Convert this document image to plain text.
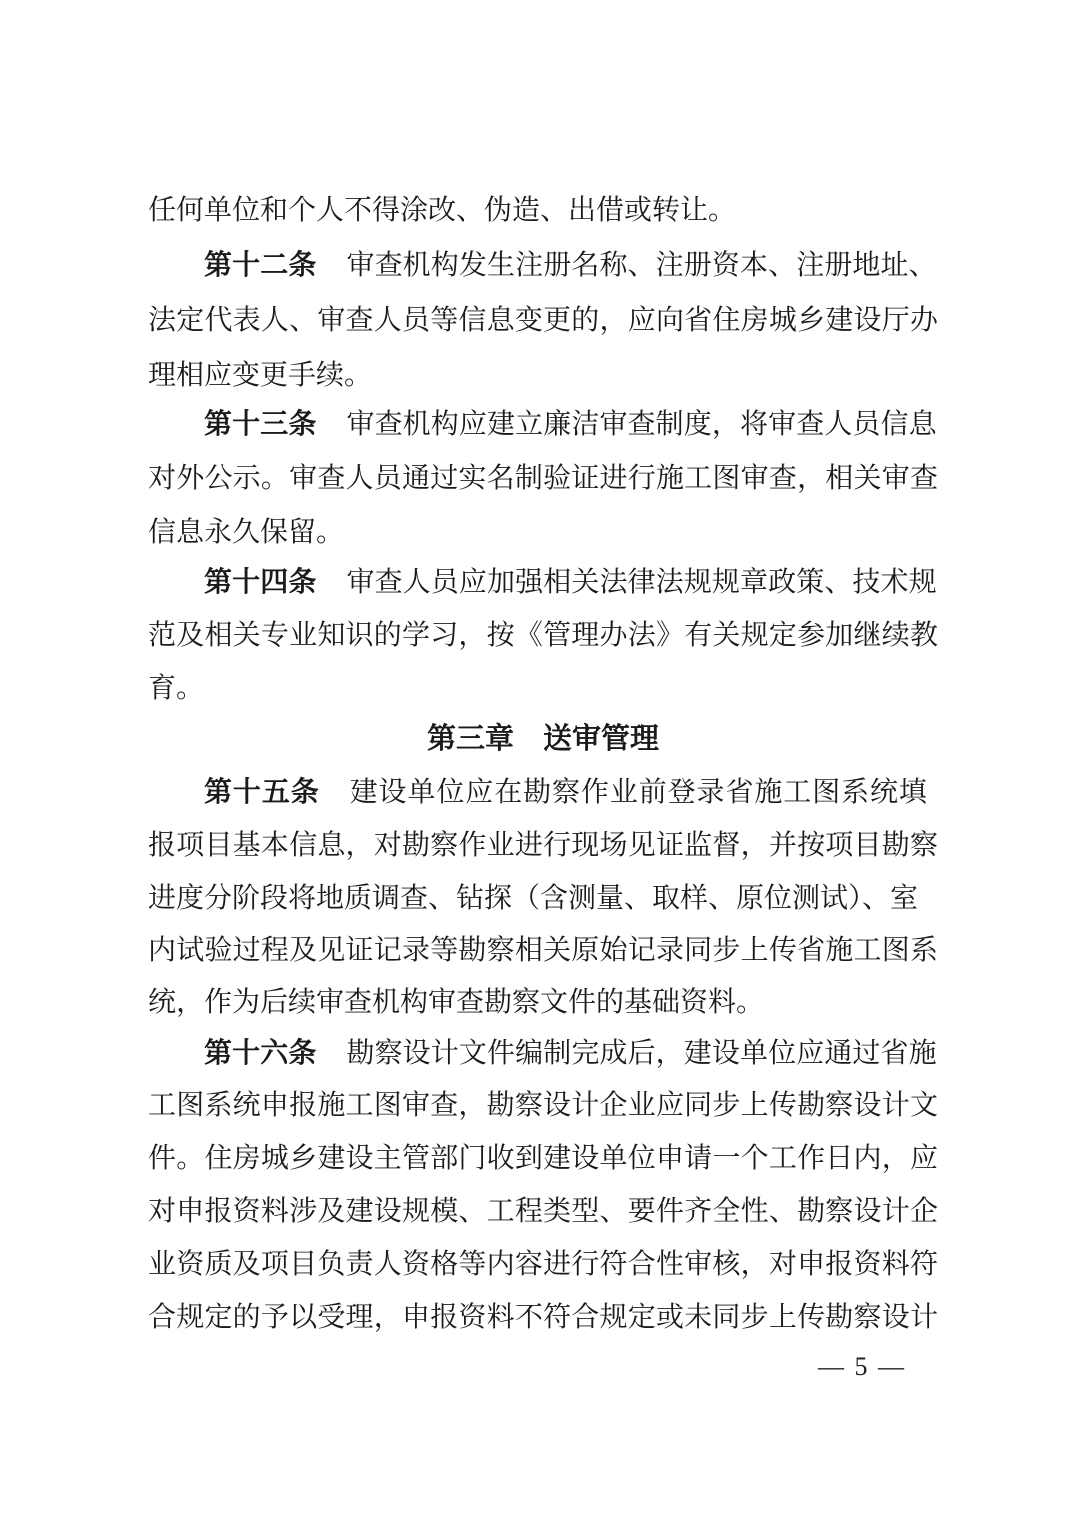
任何单位和个人不得涂改、伪造、出借或转让。
第十二条 审查机构发生注册名称、注册资本、注册地址、
法定代表人、审查人员等信息变更的，应向省住房城乡建设厅办
理相应变更手续。
第十三条 审查机构应建立廉洁审查制度，将审查人员信息
对外公示。审查人员通过实名制验证进行施工图审查，相关审查
信息永久保留。
第十四条 审查人员应加强相关法律法规规章政策、技术规
范及相关专业知识的学习，按《管理办法》有关规定参加继续教
育。
第三章　送审管理
第十五条 建设单位应在勘察作业前登录省施工图系统填
报项目基本信息，对勘察作业进行现场见证监督，并按项目勘察
进度分阶段将地质调查、钻探（含测量、取样、原位测试）、室
内试验过程及见证记录等勘察相关原始记录同步上传省施工图系
统，作为后续审查机构审查勘察文件的基础资料。
第十六条 勘察设计文件编制完成后，建设单位应通过省施
工图系统申报施工图审查，勘察设计企业应同步上传勘察设计文
件。住房城乡建设主管部门收到建设单位申请一个工作日内，应
对申报资料涉及建设规模、工程类型、要件齐全性、勘察设计企
业资质及项目负责人资格等内容进行符合性审核，对申报资料符
合规定的予以受理，申报资料不符合规定或未同步上传勘察设计
— 5 —
